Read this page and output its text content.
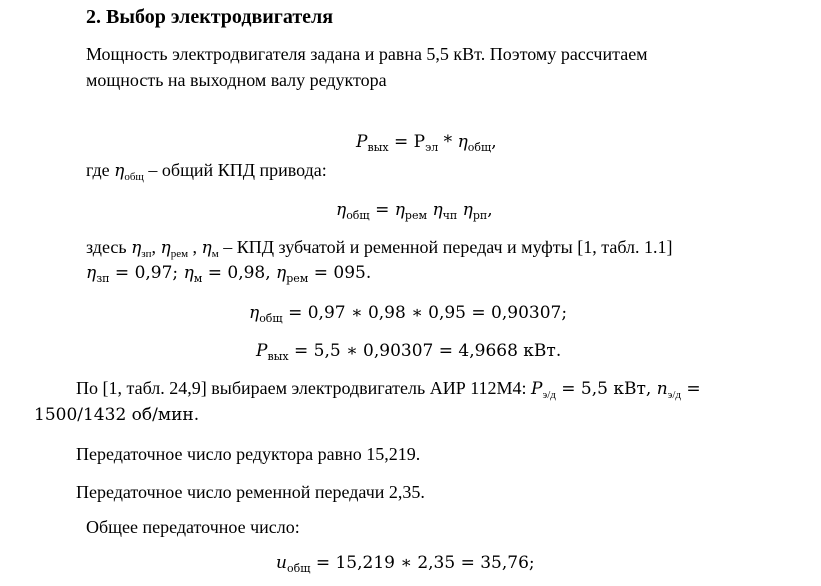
2. Выбор электродвигателя
Мощность электродвигателя задана и равна 5,5 кВт. Поэтому рассчитаем
мощность на выходном валу редуктора
$P_{вых} = Р_{эл} * \eta_{общ}$,
где $\eta_{общ}$ – общий КПД привода:
$\eta_{общ} = \eta_{рем}$ $\eta_{чп}$ $\eta_{рп}$,
здесь $\eta_{зп}$, $\eta_{рем}$ , $\eta_м$ – КПД зубчатой и ременной передач и муфты [1, табл. 1.1]
$\eta_{зп} = 0,97$; $\eta_м = 0,98$, $\eta_{рем} = 095$.
$\eta_{общ} = 0,97$ ∗ 0,98 ∗ 0,95 = 0,90307;
$P_{вых} = 5,5$ ∗ 0,90307 = 4,9668 кВт.
По [1, табл. 24,9] выбираем электродвигатель АИР 112М4: $P_{э/д} = 5,5$ кВт, $n_{э/д}$ =
1500/1432 об/мин.
Передаточное число редуктора равно 15,219.
Передаточное число ременной передачи 2,35.
Общее передаточное число:
$u_{общ} = 15,219$ ∗ 2,35 = 35,76;
